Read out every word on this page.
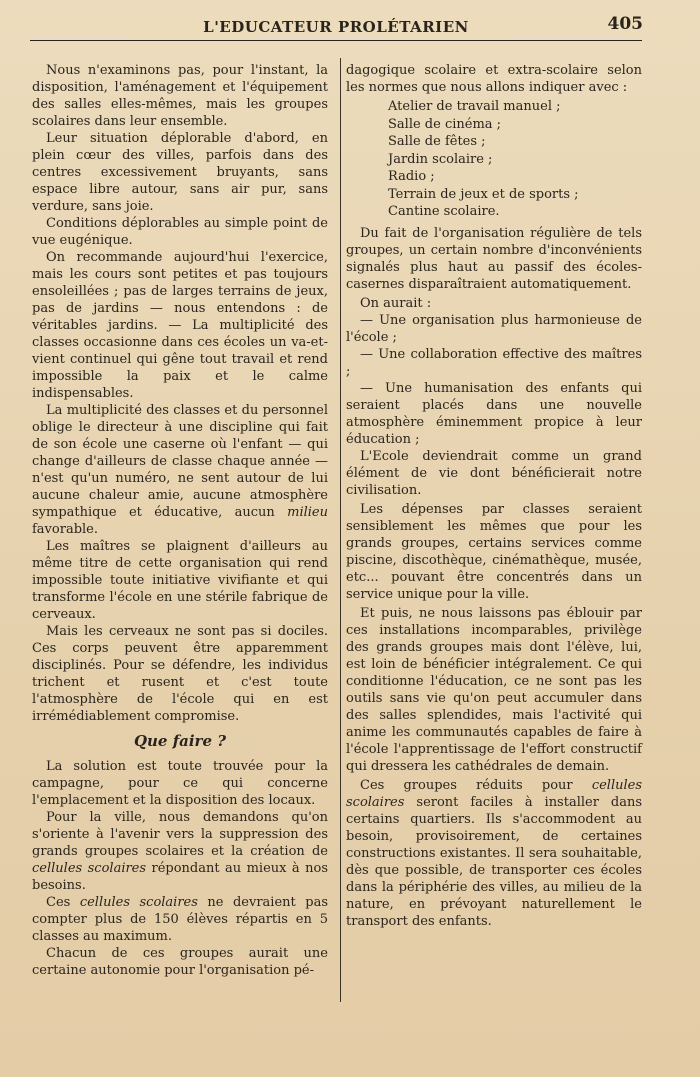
L'EDUCATEUR PROLÉTARIEN	405

Nous n'examinons pas, pour l'instant, la disposition, l'aménagement et l'équipement des salles elles-mêmes, mais les groupes scolaires dans leur ensemble.

Leur situation déplorable d'abord, en plein cœur des villes, parfois dans des centres excessivement bruyants, sans espace libre autour, sans air pur, sans verdure, sans joie.

Conditions déplorables au simple point de vue eugénique.

On recommande aujourd'hui l'exercice, mais les cours sont petites et pas toujours ensoleillées ; pas de larges terrains de jeux, pas de jardins — nous entendons : de véritables jardins. — La multiplicité des classes occasionne dans ces écoles un va-et-vient continuel qui gêne tout travail et rend impossible la paix et le calme indispensables.

La multiplicité des classes et du personnel oblige le directeur à une discipline qui fait de son école une caserne où l'enfant — qui change d'ailleurs de classe chaque année — n'est qu'un numéro, ne sent autour de lui aucune chaleur amie, aucune atmosphère sympathique et éducative, aucun milieu favorable.

Les maîtres se plaignent d'ailleurs au même titre de cette organisation qui rend impossible toute initiative vivifiante et qui transforme l'école en une stérile fabrique de cerveaux.

Mais les cerveaux ne sont pas si dociles. Ces corps peuvent être apparemment disciplinés. Pour se défendre, les individus trichent et rusent et c'est toute l'atmosphère de l'école qui en est irrémédiablement compromise.

Que faire ?

La solution est toute trouvée pour la campagne, pour ce qui concerne l'emplacement et la disposition des locaux.

Pour la ville, nous demandons qu'on s'oriente à l'avenir vers la suppression des grands groupes scolaires et la création de cellules scolaires répondant au mieux à nos besoins.

Ces cellules scolaires ne devraient pas compter plus de 150 élèves répartis en 5 classes au maximum.

Chacun de ces groupes aurait une certaine autonomie pour l'organisation pé-

dagogique scolaire et extra-scolaire selon les normes que nous allons indiquer avec :

Atelier de travail manuel ;
Salle de cinéma ;
Salle de fêtes ;
Jardin scolaire ;
Radio ;
Terrain de jeux et de sports ;
Cantine scolaire.

Du fait de l'organisation régulière de tels groupes, un certain nombre d'inconvénients signalés plus haut au passif des écoles-casernes disparaîtraient automatiquement.

On aurait :

— Une organisation plus harmonieuse de l'école ;

— Une collaboration effective des maîtres ;

— Une humanisation des enfants qui seraient placés dans une nouvelle atmosphère éminemment propice à leur éducation ;

L'Ecole deviendrait comme un grand élément de vie dont bénéficierait notre civilisation.

Les dépenses par classes seraient sensiblement les mêmes que pour les grands groupes, certains services comme piscine, discothèque, cinémathèque, musée, etc... pouvant être concentrés dans un service unique pour la ville.

Et puis, ne nous laissons pas éblouir par ces installations incomparables, privilège des grands groupes mais dont l'élève, lui, est loin de bénéficier intégralement. Ce qui conditionne l'éducation, ce ne sont pas les outils sans vie qu'on peut accumuler dans des salles splendides, mais l'activité qui anime les communautés capables de faire à l'école l'apprentissage de l'effort constructif qui dressera les cathédrales de demain.

Ces groupes réduits pour cellules scolaires seront faciles à installer dans certains quartiers. Ils s'accommodent au besoin, provisoirement, de certaines constructions existantes. Il sera souhaitable, dès que possible, de transporter ces écoles dans la périphérie des villes, au milieu de la nature, en prévoyant naturellement le transport des enfants.
